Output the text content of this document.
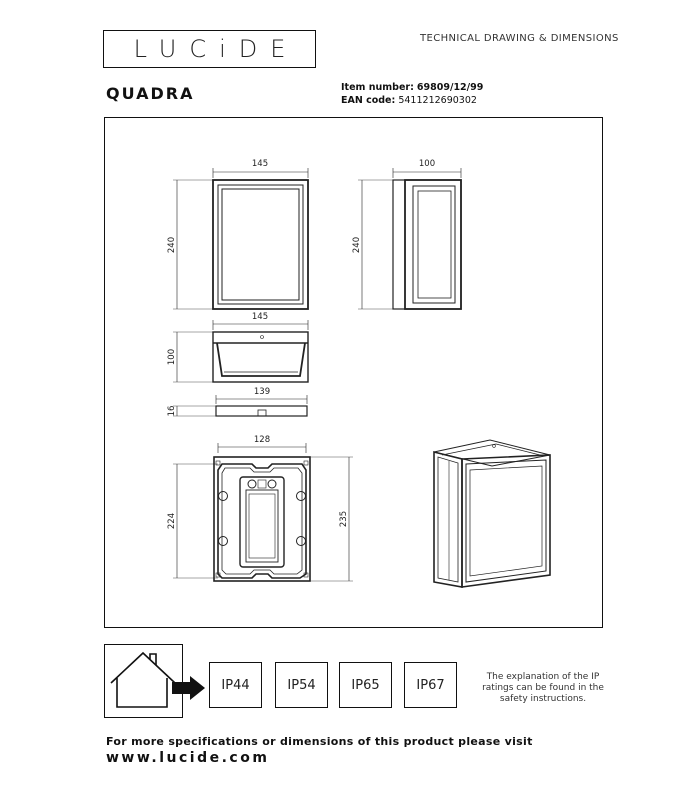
LUCiDE	TECHNICAL DRAWING & DIMENSIONS
QUADRA	Item number: 69809/12/99
EAN code: 5411212690302
145
240
100
240
145
100
139
16
128
224	235
IP44	IP54	IP65	IP67
The explanation of the IP ratings can be found in the safety instructions.
For more specifications or dimensions of this product please visit
www.lucide.com
